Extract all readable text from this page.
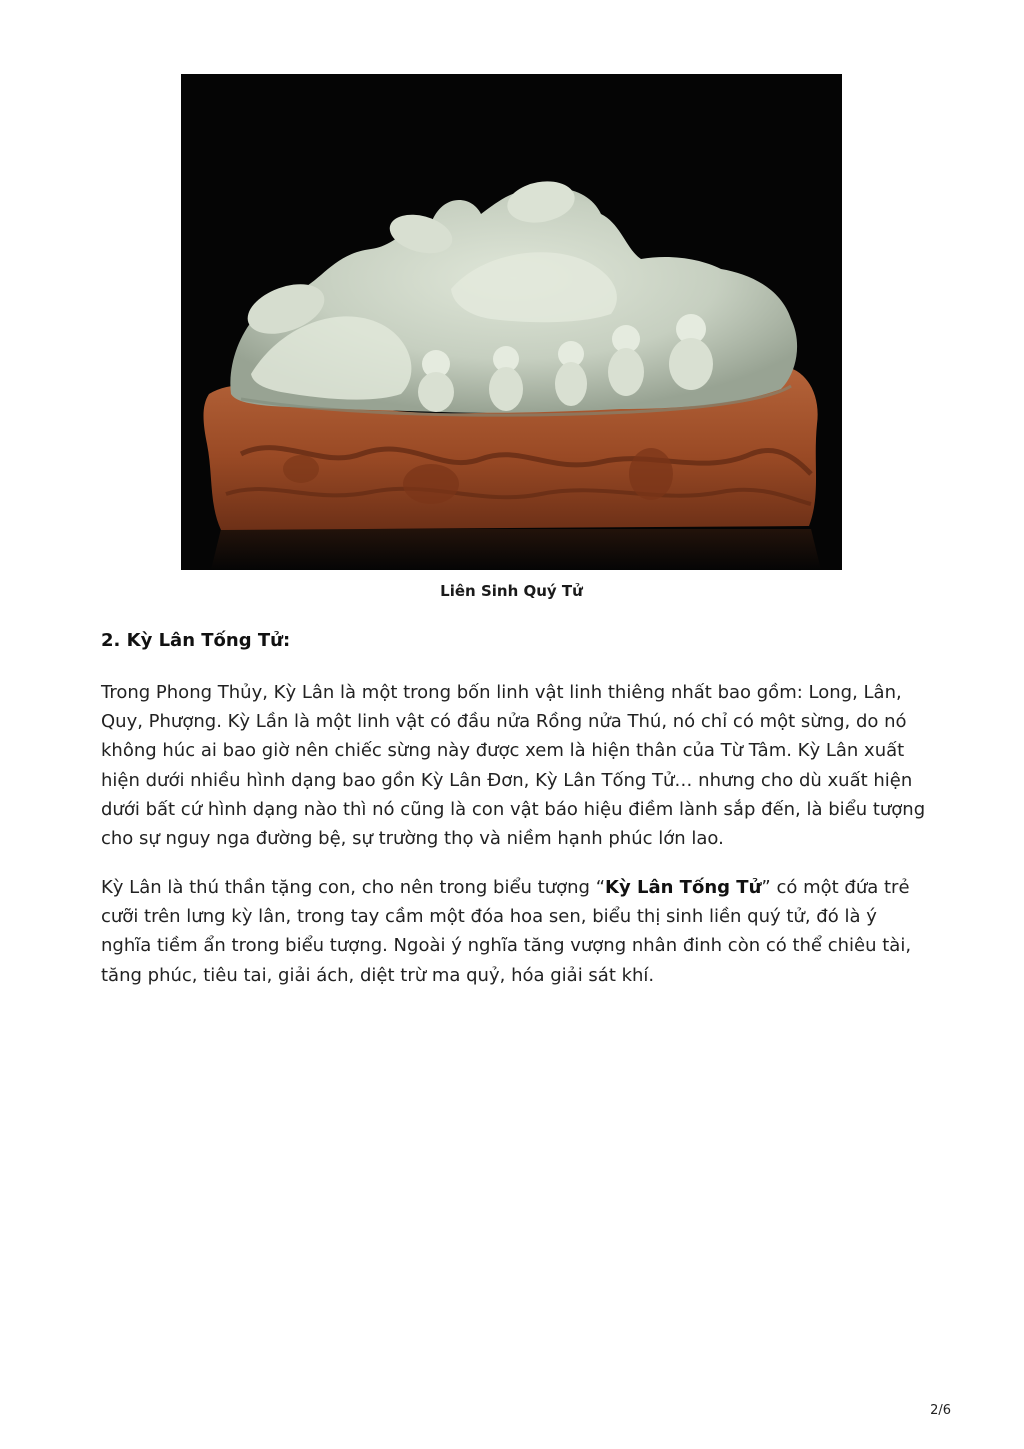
Liên Sinh Quý Tử
2. Kỳ Lân Tống Tử:

Trong Phong Thủy, Kỳ Lân là một trong bốn linh vật linh thiêng nhất bao gồm: Long, Lân, Quy, Phượng. Kỳ Lần là một linh vật có đầu nửa Rồng nửa Thú, nó chỉ có một sừng, do nó không húc ai bao giờ nên chiếc sừng này được xem là hiện thân của Từ Tâm. Kỳ Lân xuất hiện dưới nhiều hình dạng bao gồn Kỳ Lân Đơn, Kỳ Lân Tống Tử… nhưng cho dù xuất hiện dưới bất cứ hình dạng nào thì nó cũng là con vật báo hiệu điềm lành sắp đến, là biểu tượng cho sự nguy nga đường bệ, sự trường thọ và niềm hạnh phúc lớn lao.

Kỳ Lân là thú thần tặng con, cho nên trong biểu tượng “Kỳ Lân Tống Tử” có một đứa trẻ cưỡi trên lưng kỳ lân, trong tay cầm một đóa hoa sen, biểu thị sinh liền quý tử, đó là ý nghĩa tiềm ẩn trong biểu tượng. Ngoài ý nghĩa tăng vượng nhân đinh còn có thể chiêu tài, tăng phúc, tiêu tai, giải ách, diệt trừ ma quỷ, hóa giải sát khí.

2/6
